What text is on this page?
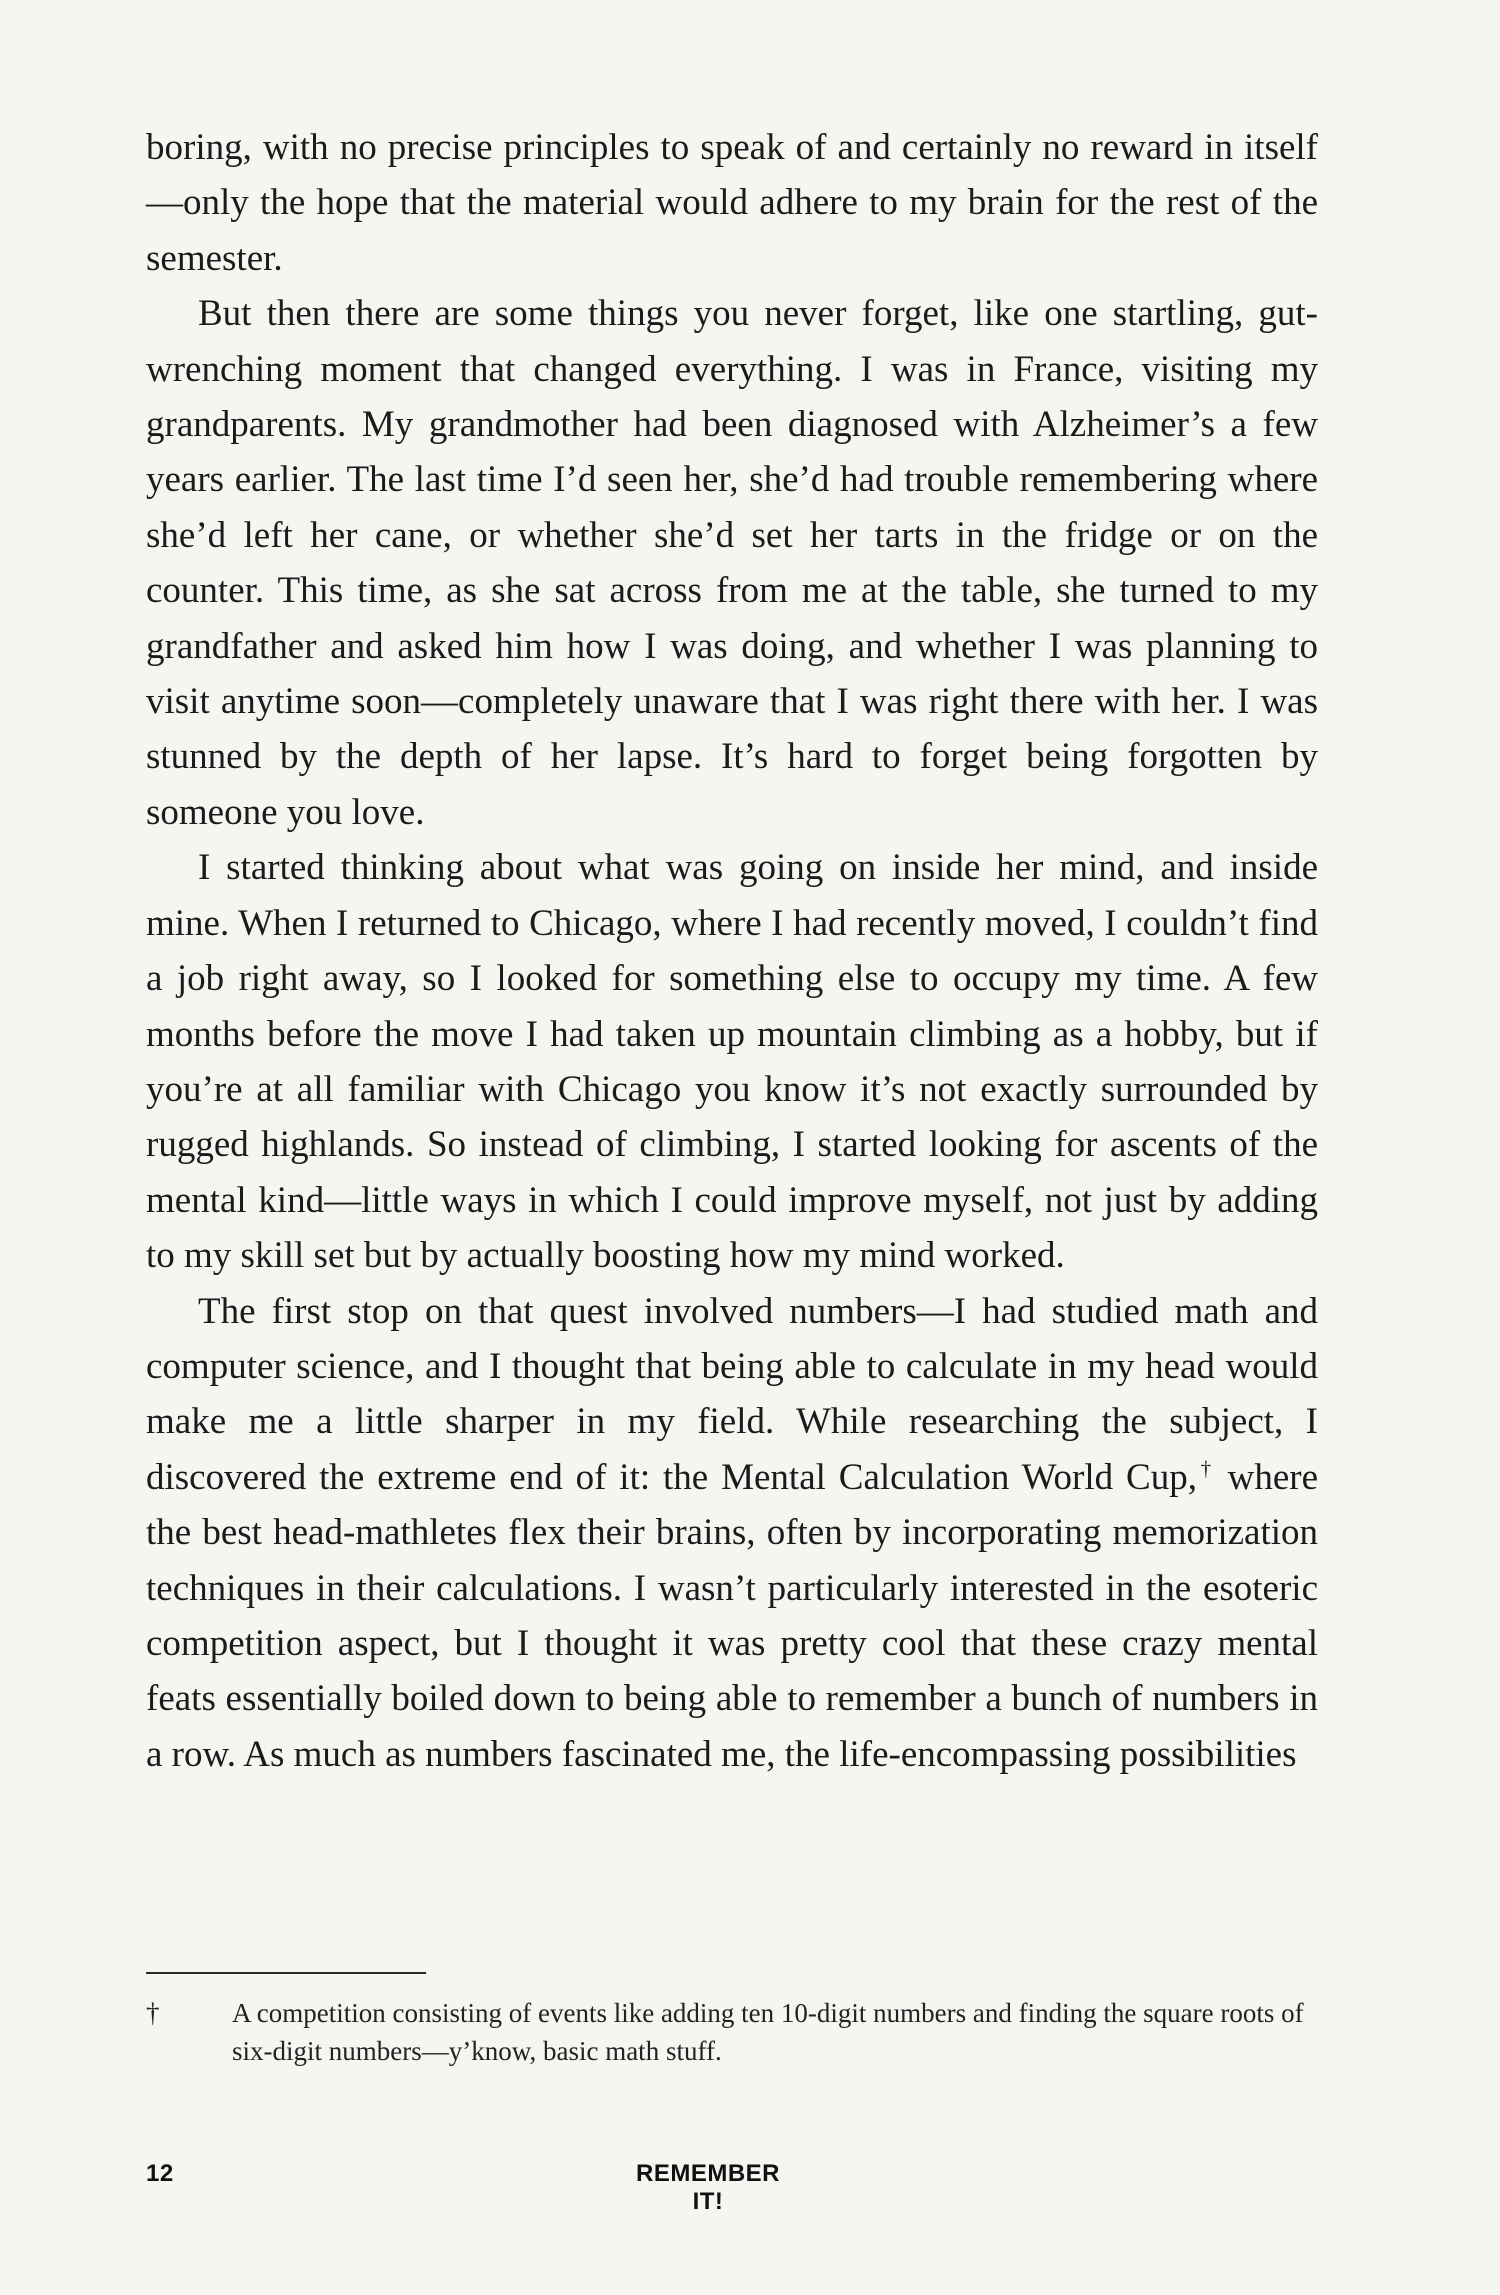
boring, with no precise principles to speak of and certainly no reward in itself—only the hope that the material would adhere to my brain for the rest of the semester.

But then there are some things you never forget, like one startling, gut-wrenching moment that changed everything. I was in France, visiting my grandparents. My grandmother had been diagnosed with Alzheimer’s a few years earlier. The last time I’d seen her, she’d had trouble remembering where she’d left her cane, or whether she’d set her tarts in the fridge or on the counter. This time, as she sat across from me at the table, she turned to my grandfather and asked him how I was doing, and whether I was planning to visit anytime soon—completely unaware that I was right there with her. I was stunned by the depth of her lapse. It’s hard to forget being forgotten by someone you love.

I started thinking about what was going on inside her mind, and inside mine. When I returned to Chicago, where I had recently moved, I couldn’t find a job right away, so I looked for something else to occupy my time. A few months before the move I had taken up mountain climbing as a hobby, but if you’re at all familiar with Chicago you know it’s not exactly surrounded by rugged highlands. So instead of climbing, I started looking for ascents of the mental kind—little ways in which I could improve myself, not just by adding to my skill set but by actually boosting how my mind worked.

The first stop on that quest involved numbers—I had studied math and computer science, and I thought that being able to calculate in my head would make me a little sharper in my field. While researching the subject, I discovered the extreme end of it: the Mental Calculation World Cup,† where the best head-mathletes flex their brains, often by incorporating memorization techniques in their calculations. I wasn’t particularly interested in the esoteric competition aspect, but I thought it was pretty cool that these crazy mental feats essentially boiled down to being able to remember a bunch of numbers in a row. As much as numbers fascinated me, the life-encompassing possibilities

†	A competition consisting of events like adding ten 10-digit numbers and finding the square roots of six-digit numbers—y’know, basic math stuff.
12	REMEMBER IT!
